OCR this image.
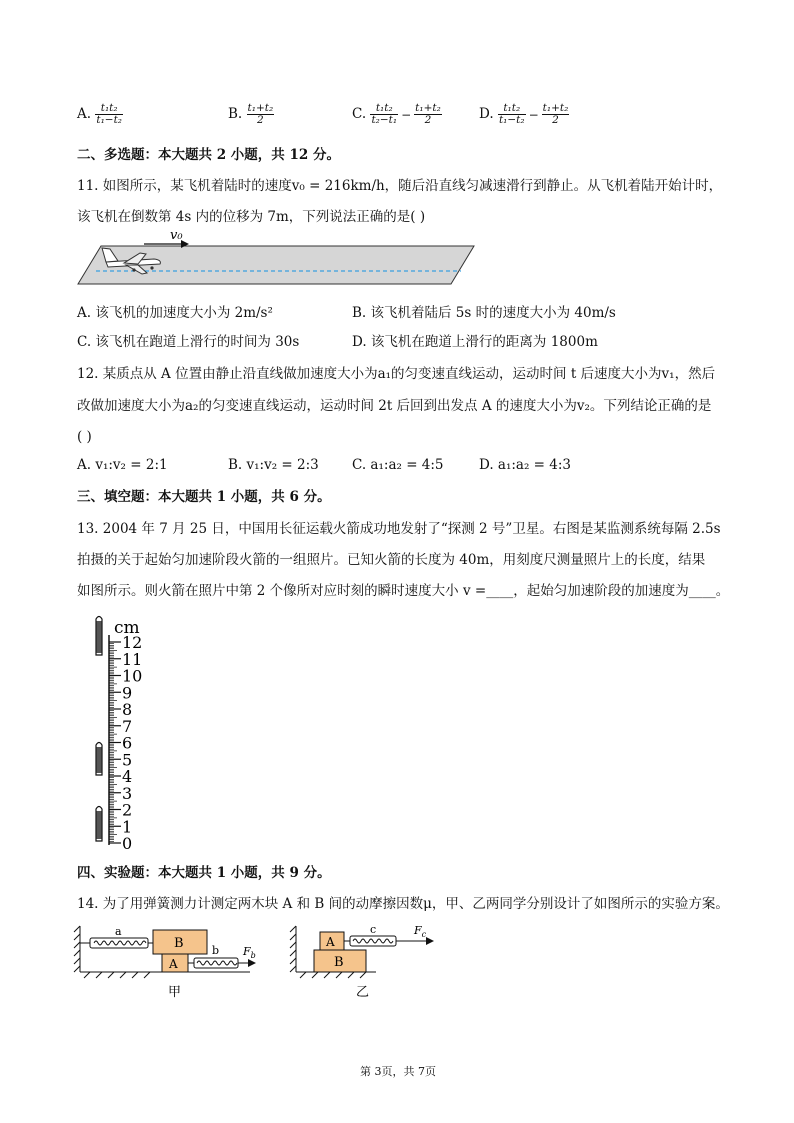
A. $\frac{\text{t₁t₂}}{\text{t₁−t₂}}$	B. $\frac{\text{t₁+t₂}}{2}$	C. $\frac{\text{t₁t₂}}{\text{t₂−t₁}} - \frac{\text{t₁+t₂}}{2}$	D. $\frac{\text{t₁t₂}}{\text{t₁−t₂}} - \frac{\text{t₁+t₂}}{2}$
二、多选题：本大题共 2 小题，共 12 分。
11. 如图所示，某飞机着陆时的速度v₀ = 216km/h，随后沿直线匀减速滑行到静止。从飞机着陆开始计时，
该飞机在倒数第 4s 内的位移为 7m，下列说法正确的是( )
v₀
A. 该飞机的加速度大小为 2m/s²	B. 该飞机着陆后 5s 时的速度大小为 40m/s
C. 该飞机在跑道上滑行的时间为 30s	D. 该飞机在跑道上滑行的距离为 1800m
12. 某质点从 A 位置由静止沿直线做加速度大小为a₁的匀变速直线运动，运动时间 t 后速度大小为v₁，然后
改做加速度大小为a₂的匀变速直线运动，运动时间 2t 后回到出发点 A 的速度大小为v₂。下列结论正确的是
( )
A. v₁:v₂ = 2:1	B. v₁:v₂ = 2:3 C. a₁:a₂ = 4:5	D. a₁:a₂ = 4:3
三、填空题：本大题共 1 小题，共 6 分。
13. 2004 年 7 月 25 日，中国用长征运载火箭成功地发射了“探测 2 号”卫星。右图是某监测系统每隔 2.5s
拍摄的关于起始匀加速阶段火箭的一组照片。已知火箭的长度为 40m，用刻度尺测量照片上的长度，结果
如图所示。则火箭在照片中第 2 个像所对应时刻的瞬时速度大小 v =____，起始匀加速阶段的加速度为____。
cm
12
11
10
9
8
7
6
5
4
3
2
1
0
四、实验题：本大题共 1 小题，共 9 分。
14. 为了用弹簧测力计测定两木块 A 和 B 间的动摩擦因数μ，甲、乙两同学分别设计了如图所示的实验方案。
a
B
A
b $F_b$
甲
B
A
c	$F_c$
乙
第 3页，共 7页
